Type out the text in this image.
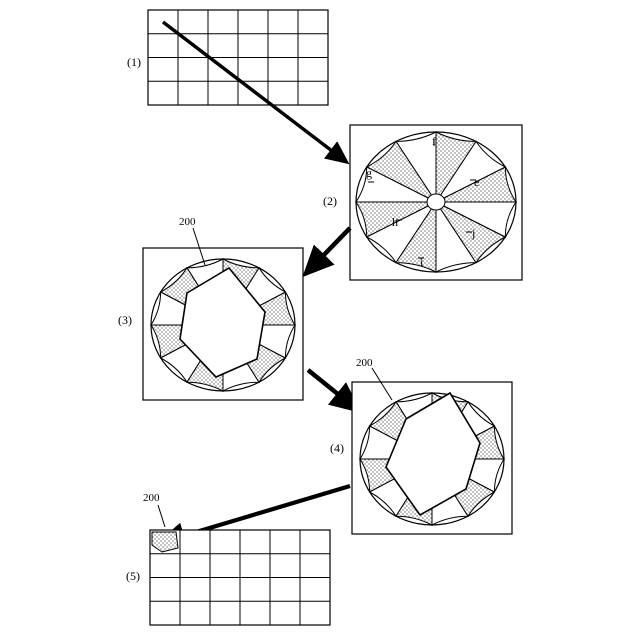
(1)
(2)
(3)
(4)
(5)
f
g
e
h
j
i
200
200
200
